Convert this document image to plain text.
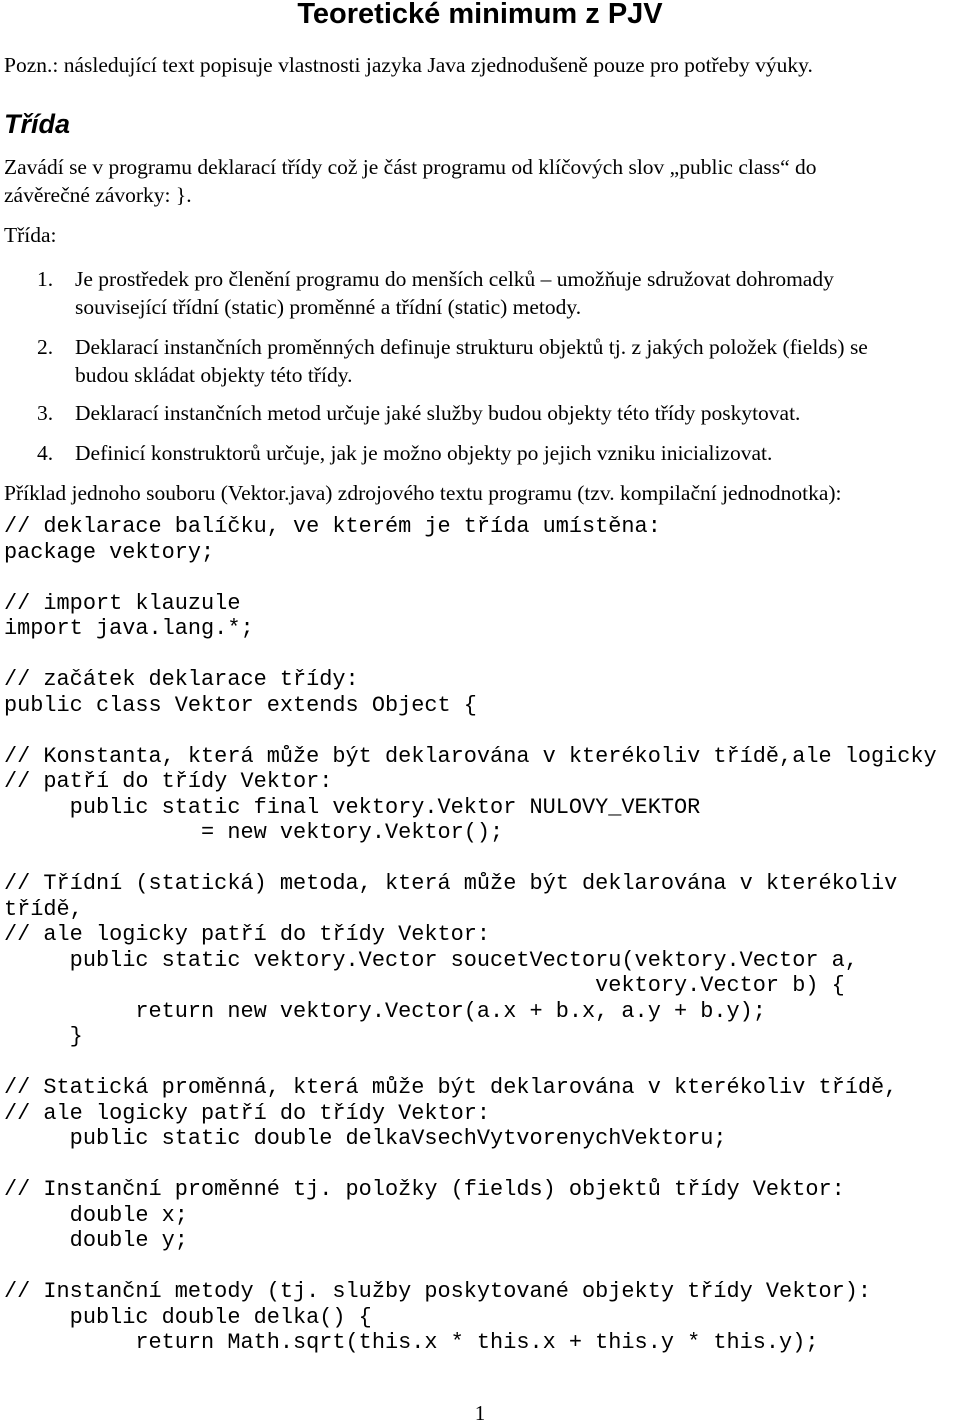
Teoretické minimum z PJV
Pozn.: následující text popisuje vlastnosti jazyka Java zjednodušeně pouze pro potřeby výuky.
Třída
Zavádí se v programu deklarací třídy což je část programu od klíčových slov „public class“ do
závěrečné závorky: }.
Třída:
1. Je prostředek pro členění programu do menších celků – umožňuje sdružovat dohromady
související třídní (static) proměnné a třídní (static) metody.
2. Deklarací instančních proměnných definuje strukturu objektů tj. z jakých položek (fields) se
budou skládat objekty této třídy.
3. Deklarací instančních metod určuje jaké služby budou objekty této třídy poskytovat.
4. Definicí konstruktorů určuje, jak je možno objekty po jejich vzniku inicializovat.
Příklad jednoho souboru (Vektor.java) zdrojového textu programu (tzv. kompilační jednodnotka):
// deklarace balíčku, ve kterém je třída umístěna:
package vektory;
// import klauzule
import java.lang.*;
// začátek deklarace třídy:
public class Vektor extends Object {
// Konstanta, která může být deklarována v kterékoliv třídě,ale logicky
// patří do třídy Vektor:
public static final vektory.Vektor NULOVY_VEKTOR
= new vektory.Vektor();
// Třídní (statická) metoda, která může být deklarována v kterékoliv
třídě,
// ale logicky patří do třídy Vektor:
public static vektory.Vector soucetVectoru(vektory.Vector a,
vektory.Vector b) {
return new vektory.Vector(a.x + b.x, a.y + b.y);
}
// Statická proměnná, která může být deklarována v kterékoliv třídě,
// ale logicky patří do třídy Vektor:
public static double delkaVsechVytvorenychVektoru;
// Instanční proměnné tj. položky (fields) objektů třídy Vektor:
double x;
double y;
// Instanční metody (tj. služby poskytované objekty třídy Vektor):
public double delka() {
return Math.sqrt(this.x * this.x + this.y * this.y);
1
